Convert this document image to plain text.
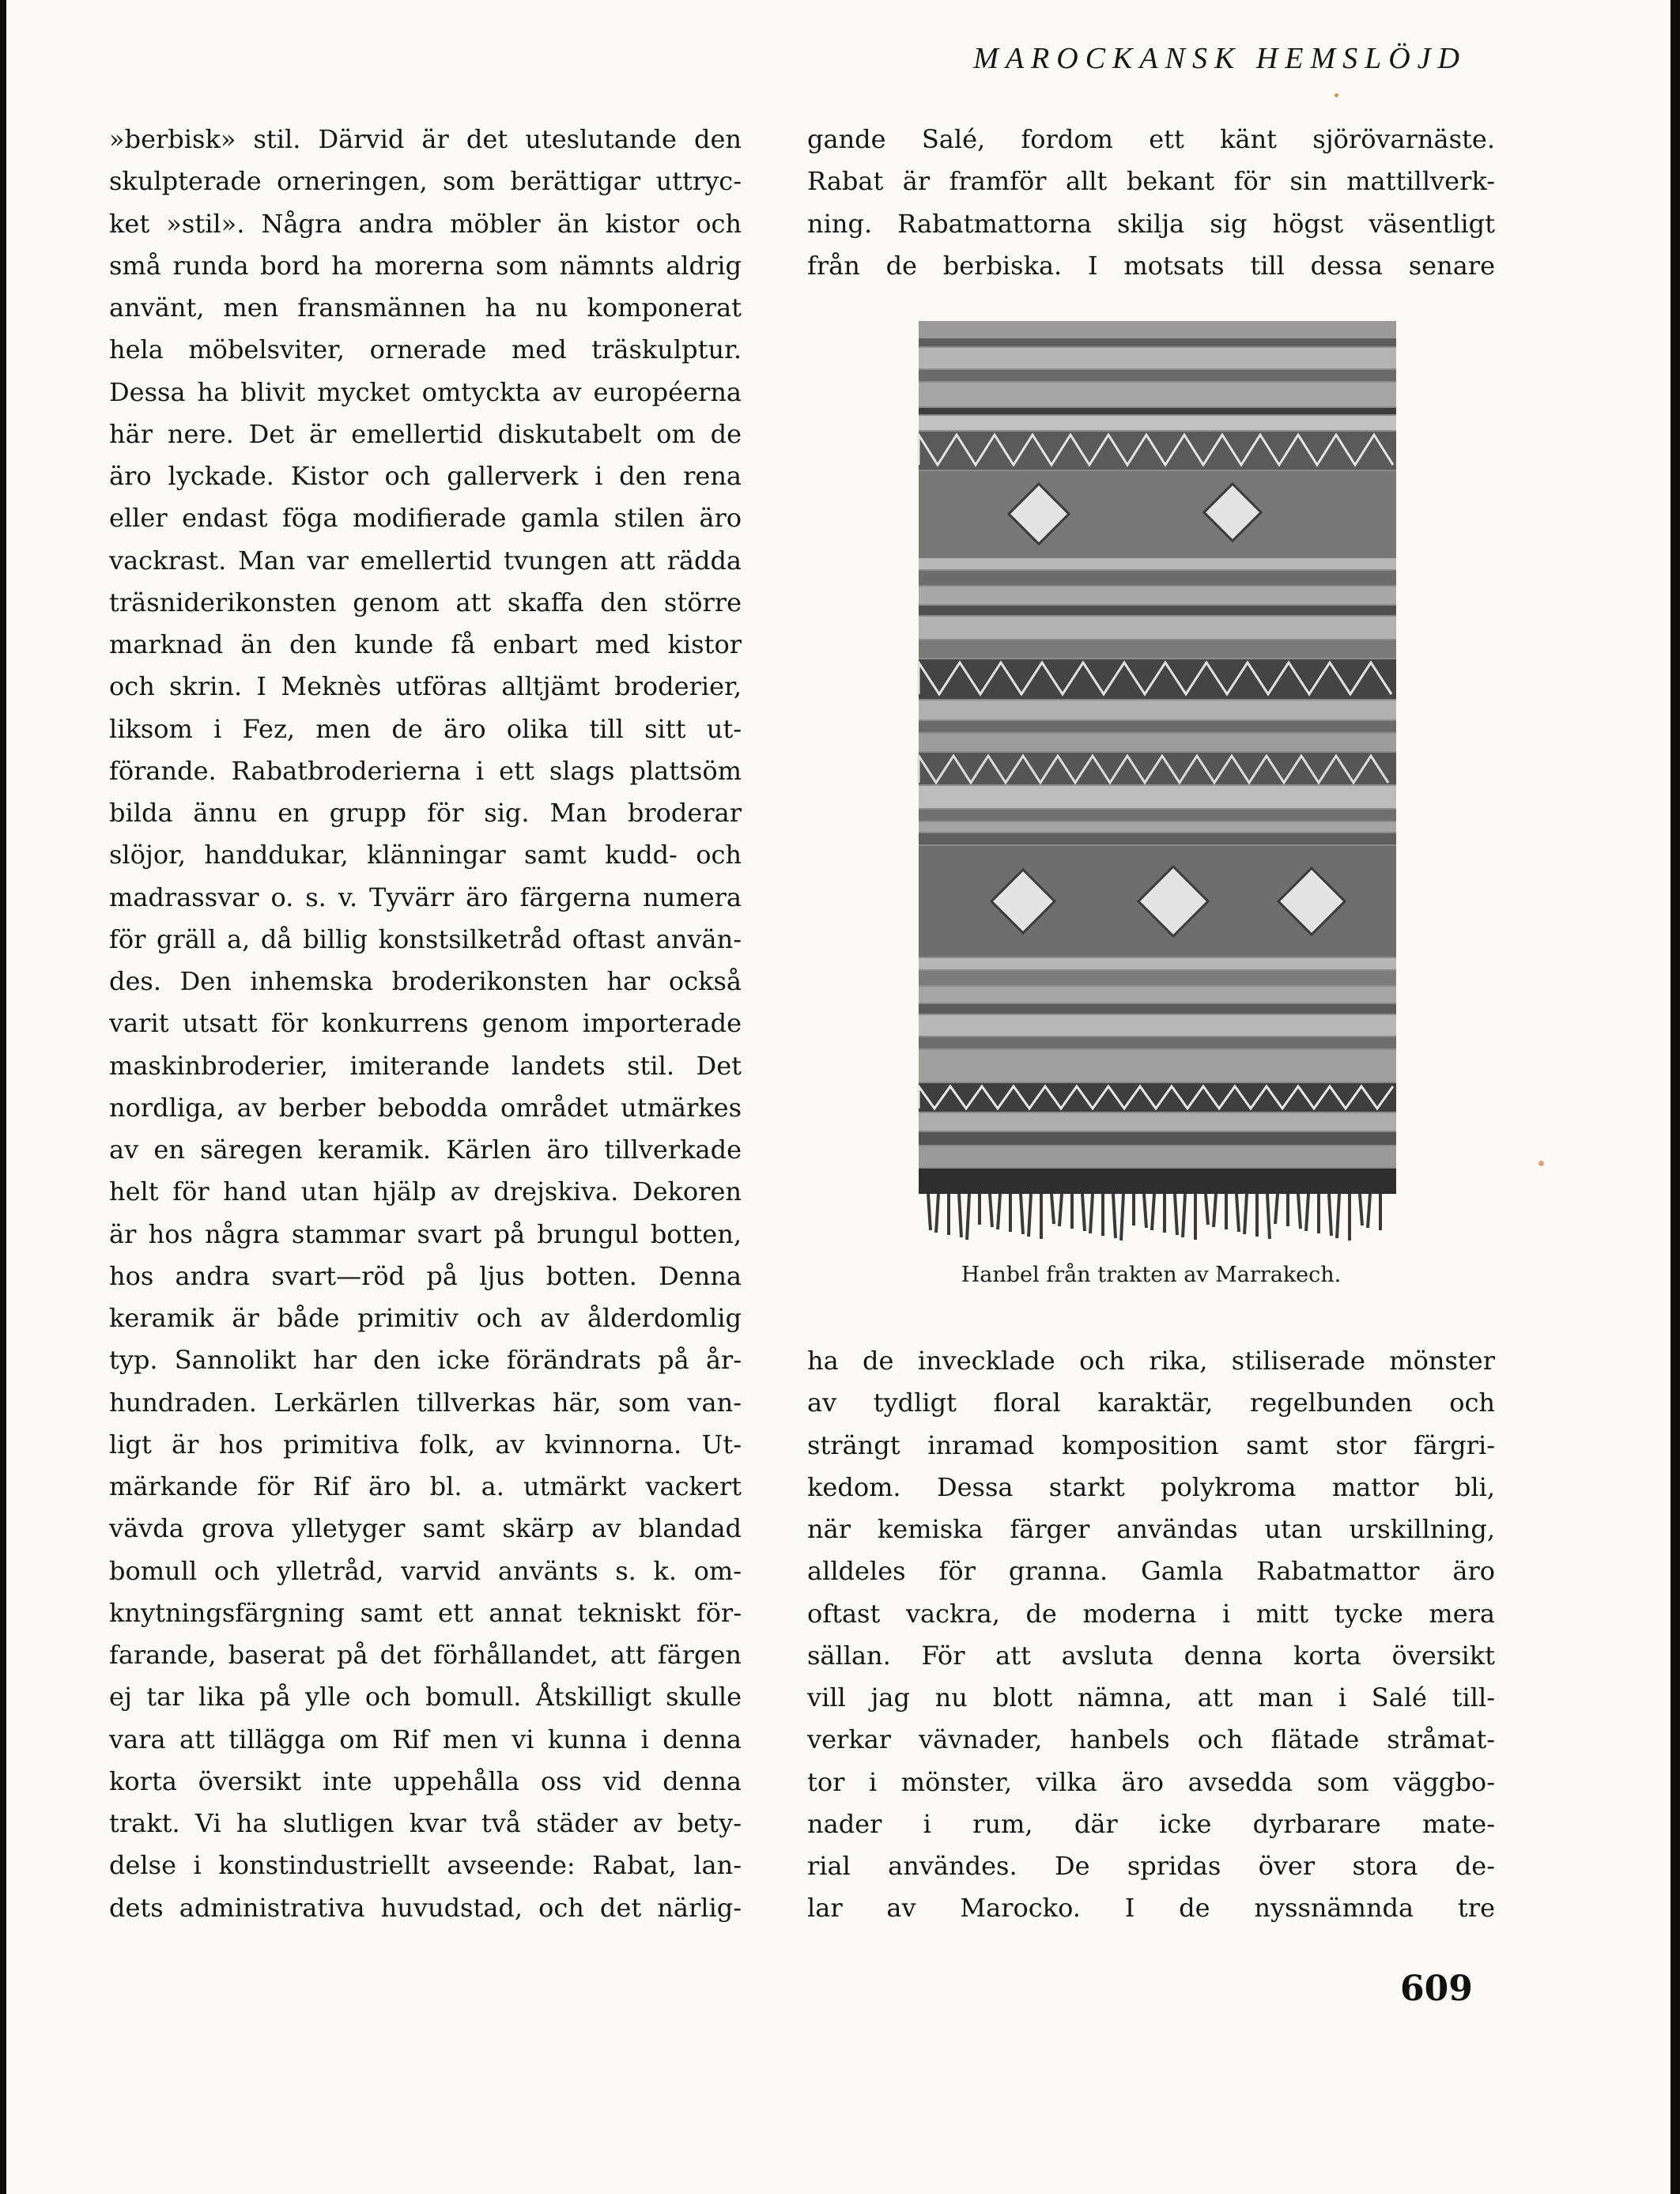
MAROCKANSK HEMSLÖJD
»berbisk» stil. Därvid är det uteslutande den
skulpterade orneringen, som berättigar uttryc-
ket »stil». Några andra möbler än kistor och
små runda bord ha morerna som nämnts aldrig
använt, men fransmännen ha nu komponerat
hela möbelsviter, ornerade med träskulptur.
Dessa ha blivit mycket omtyckta av européerna
här nere. Det är emellertid diskutabelt om de
äro lyckade. Kistor och gallerverk i den rena
eller endast föga modifierade gamla stilen äro
vackrast. Man var emellertid tvungen att rädda
träsniderikonsten genom att skaffa den större
marknad än den kunde få enbart med kistor
och skrin. I Meknès utföras alltjämt broderier,
liksom i Fez, men de äro olika till sitt ut-
förande. Rabatbroderierna i ett slags plattsöm
bilda ännu en grupp för sig. Man broderar
slöjor, handdukar, klänningar samt kudd- och
madrassvar o. s. v. Tyvärr äro färgerna numera
för gräll a, då billig konstsilketråd oftast använ-
des. Den inhemska broderikonsten har också
varit utsatt för konkurrens genom importerade
maskinbroderier, imiterande landets stil. Det
nordliga, av berber bebodda området utmärkes
av en säregen keramik. Kärlen äro tillverkade
helt för hand utan hjälp av drejskiva. Dekoren
är hos några stammar svart på brungul botten,
hos andra svart—röd på ljus botten. Denna
keramik är både primitiv och av ålderdomlig
typ. Sannolikt har den icke förändrats på år-
hundraden. Lerkärlen tillverkas här, som van-
ligt är hos primitiva folk, av kvinnorna. Ut-
märkande för Rif äro bl. a. utmärkt vackert
vävda grova ylletyger samt skärp av blandad
bomull och ylletråd, varvid använts s. k. om-
knytningsfärgning samt ett annat tekniskt för-
farande, baserat på det förhållandet, att färgen
ej tar lika på ylle och bomull. Åtskilligt skulle
vara att tillägga om Rif men vi kunna i denna
korta översikt inte uppehålla oss vid denna
trakt. Vi ha slutligen kvar två städer av bety-
delse i konstindustriellt avseende: Rabat, lan-
dets administrativa huvudstad, och det närlig-
gande Salé, fordom ett känt sjörövarnäste.
Rabat är framför allt bekant för sin mattillverk-
ning. Rabatmattorna skilja sig högst väsentligt
från de berbiska. I motsats till dessa senare
Hanbel från trakten av Marrakech.
ha de invecklade och rika, stiliserade mönster
av tydligt floral karaktär, regelbunden och
strängt inramad komposition samt stor färgri-
kedom. Dessa starkt polykroma mattor bli,
när kemiska färger användas utan urskillning,
alldeles för granna. Gamla Rabatmattor äro
oftast vackra, de moderna i mitt tycke mera
sällan. För att avsluta denna korta översikt
vill jag nu blott nämna, att man i Salé till-
verkar vävnader, hanbels och flätade stråmat-
tor i mönster, vilka äro avsedda som väggbo-
nader i rum, där icke dyrbarare mate-
rial användes. De spridas över stora de-
lar av Marocko. I de nyssnämnda tre
609
